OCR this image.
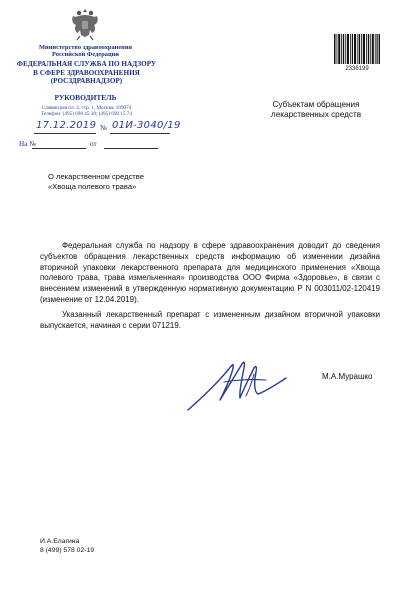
Министерство здравоохранения
Российской Федерации
ФЕДЕРАЛЬНАЯ СЛУЖБА ПО НАДЗОРУ
В СФЕРЕ ЗДРАВООХРАНЕНИЯ
(РОСЗДРАВНАДЗОР)
РУКОВОДИТЕЛЬ
Славянская пл. 4, стр. 1, Москва, 109074
Телефон: (495) 698 45 38; (495) 698 15 74
17.12.2019 № 01И-3040/19
На №	от
2336199
Субъектам обращения
лекарственных средств
О лекарственном средстве
«Хвоща полевого трава»

Федеральная служба по надзору в сфере здравоохранения доводит до сведения субъектов обращения лекарственных средств информацию об изменении дизайна вторичной упаковки лекарственного препарата для медицинского применения «Хвоща полевого трава, трава измельченная» производства ООО Фирма «Здоровье», в связи с внесением изменений в утвержденную нормативную документацию Р N 003011/02-120419 (изменение от 12.04.2019).

Указанный лекарственный препарат с измененным дизайном вторичной упаковки выпускается, начиная с серии 071219.

М.А.Мурашко
И.А.Елагина
8 (499) 578 02-19
